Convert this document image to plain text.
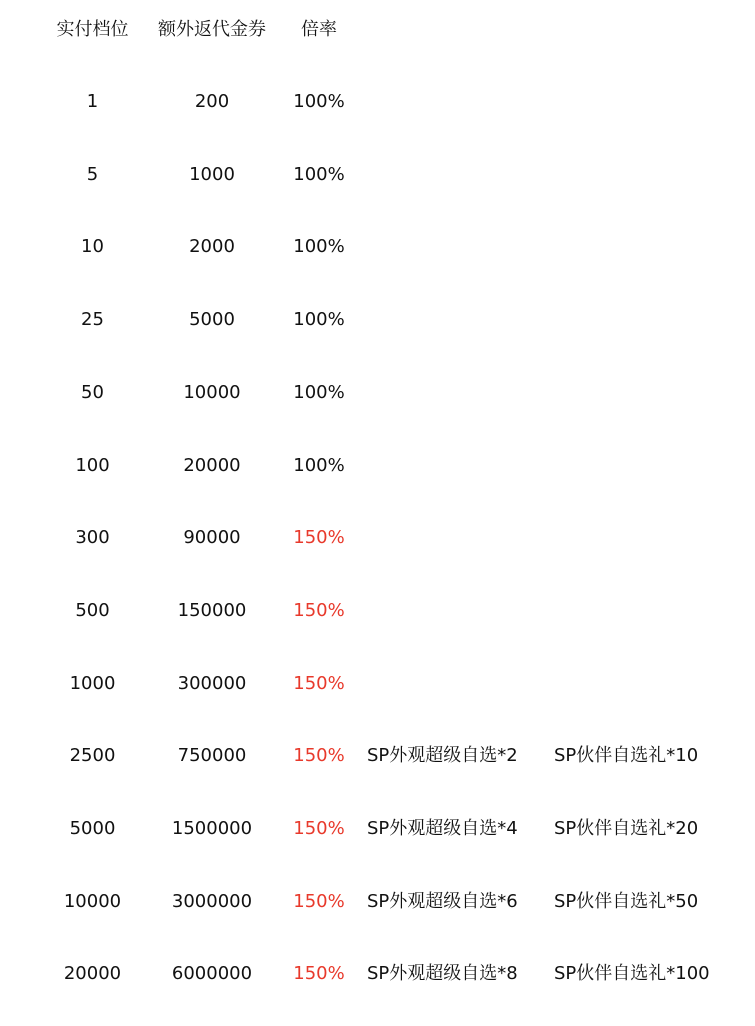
实付档位	额外返代金券	倍率
1	200	100%
5	1000	100%
10	2000	100%
25	5000	100%
50	10000	100%
100	20000	100%
300	90000	150%
500	150000	150%
1000	300000	150%
2500	750000	150%	SP外观超级自选*2	SP伙伴自选礼*10
5000	1500000	150%	SP外观超级自选*4	SP伙伴自选礼*20
10000	3000000	150%	SP外观超级自选*6	SP伙伴自选礼*50
20000	6000000	150%	SP外观超级自选*8	SP伙伴自选礼*100
